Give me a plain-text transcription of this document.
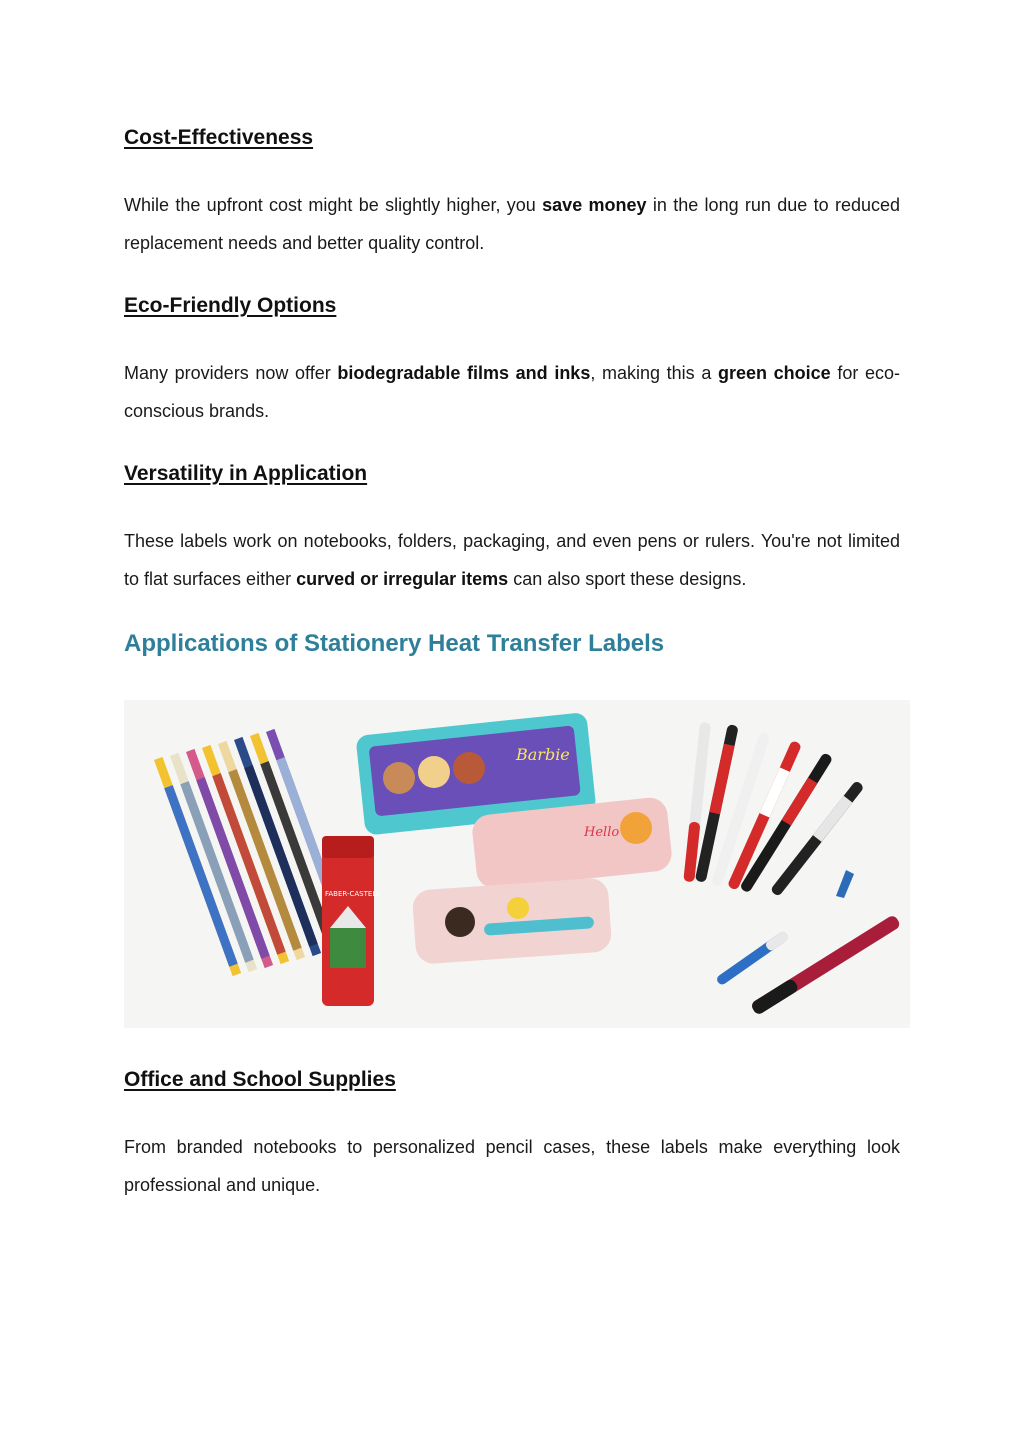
Cost-Effectiveness

While the upfront cost might be slightly higher, you save money in the long run due to reduced replacement needs and better quality control.

Eco-Friendly Options

Many providers now offer biodegradable films and inks, making this a green choice for eco-conscious brands.

Versatility in Application

These labels work on notebooks, folders, packaging, and even pens or rulers. You're not limited to flat surfaces either curved or irregular items can also sport these designs.

Applications of Stationery Heat Transfer Labels
Barbie
FABER-CASTELL
Hello
Office and School Supplies

From branded notebooks to personalized pencil cases, these labels make everything look professional and unique.
